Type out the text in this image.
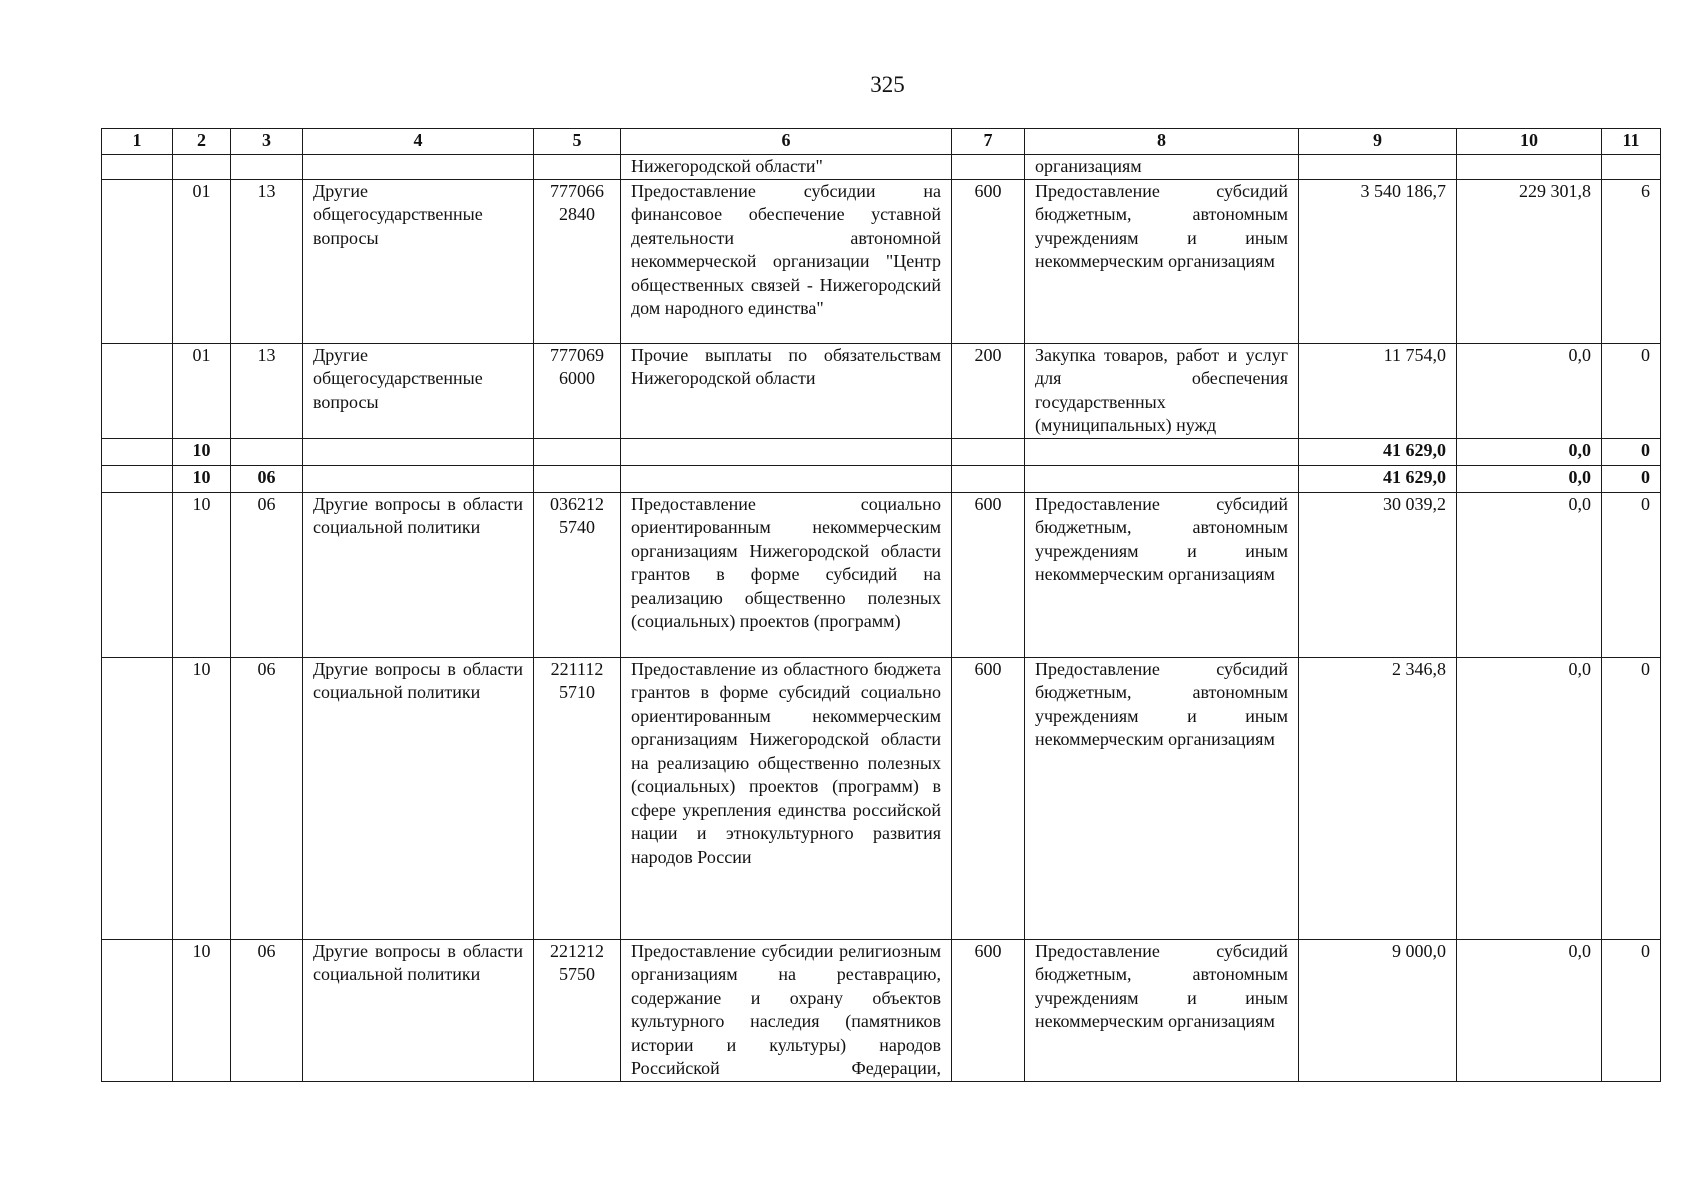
325
1	2	3	4	5	6	7	8	9	10	11
					Нижегородской области"		организациям			
	01	13	Другие общегосударственные вопросы	777066 2840	Предоставление субсидии на финансовое обеспечение уставной деятельности автономной некоммерческой организации "Центр общественных связей - Нижегородский дом народного единства"	600	Предоставление субсидий бюджетным, автономным учреждениям и иным некоммерческим организациям	3 540 186,7	229 301,8	6
	01	13	Другие общегосударственные вопросы	777069 6000	Прочие выплаты по обязательствам Нижегородской области	200	Закупка товаров, работ и услуг для обеспечения государственных (муниципальных) нужд	11 754,0	0,0	0
	10							41 629,0	0,0	0
	10	06						41 629,0	0,0	0
	10	06	Другие вопросы в области социальной политики	036212 5740	Предоставление социально ориентированным некоммерческим организациям Нижегородской области грантов в форме субсидий на реализацию общественно полезных (социальных) проектов (программ)	600	Предоставление субсидий бюджетным, автономным учреждениям и иным некоммерческим организациям	30 039,2	0,0	0
	10	06	Другие вопросы в области социальной политики	221112 5710	Предоставление из областного бюджета грантов в форме субсидий социально ориентированным некоммерческим организациям Нижегородской области на реализацию общественно полезных (социальных) проектов (программ) в сфере укрепления единства российской нации и этнокультурного развития народов России	600	Предоставление субсидий бюджетным, автономным учреждениям и иным некоммерческим организациям	2 346,8	0,0	0
	10	06	Другие вопросы в области социальной политики	221212 5750	Предоставление субсидии религиозным организациям на реставрацию, содержание и охрану объектов культурного наследия (памятников истории и культуры) народов Российской Федерации,	600	Предоставление субсидий бюджетным, автономным учреждениям и иным некоммерческим организациям	9 000,0	0,0	0
